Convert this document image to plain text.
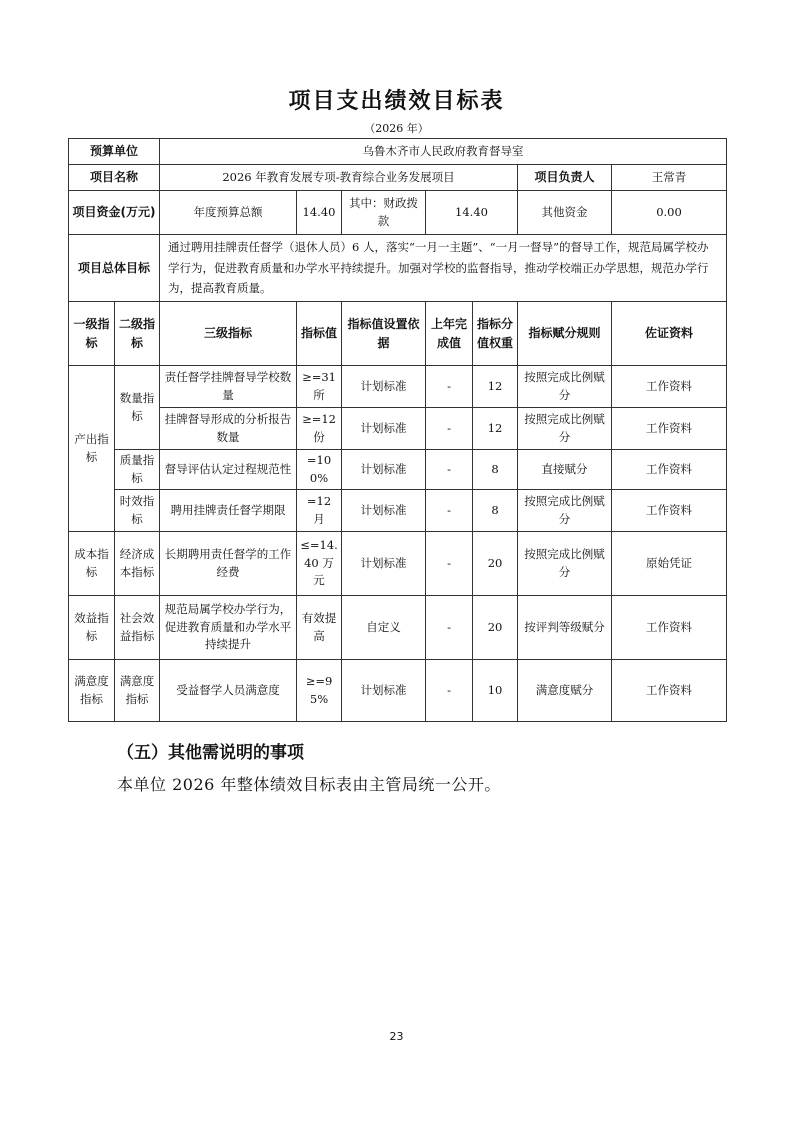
项目支出绩效目标表
（2026 年）
预算单位		乌鲁木齐市人民政府教育督导室						
项目名称		2026 年教育发展专项-教育综合业务发展项目					项目负责人	王常青
项目资金(万元)		年度预算总额	14.40	其中：财政拨款	14.40		其他资金	0.00
项目总体目标		通过聘用挂牌责任督学（退休人员）6 人，落实“一月一主题”、“一月一督导”的督导工作，规范局属学校办学行为，促进教育质量和办学水平持续提升。加强对学校的监督指导，推动学校端正办学思想，规范办学行为，提高教育质量。						
一级指标	二级指标	三级指标	指标值	指标值设置依据	上年完成值	指标分值权重	指标赋分规则	佐证资料
产出指标	数量指标	责任督学挂牌督导学校数量	≥=31所	计划标准	-	12	按照完成比例赋分	工作资料
		挂牌督导形成的分析报告数量	≥=12份	计划标准	-	12	按照完成比例赋分	工作资料
	质量指标	督导评估认定过程规范性	=100%	计划标准	-	8	直接赋分	工作资料
	时效指标	聘用挂牌责任督学期限	=12 月	计划标准	-	8	按照完成比例赋分	工作资料
成本指标	经济成本指标	长期聘用责任督学的工作经费	≤=14.40 万元	计划标准	-	20	按照完成比例赋分	原始凭证
效益指标	社会效益指标	规范局属学校办学行为，促进教育质量和办学水平持续提升	有效提高	自定义	-	20	按评判等级赋分	工作资料
满意度指标	满意度指标	受益督学人员满意度	≥=95%	计划标准	-	10	满意度赋分	工作资料
（五）其他需说明的事项
本单位 2026 年整体绩效目标表由主管局统一公开。
23
